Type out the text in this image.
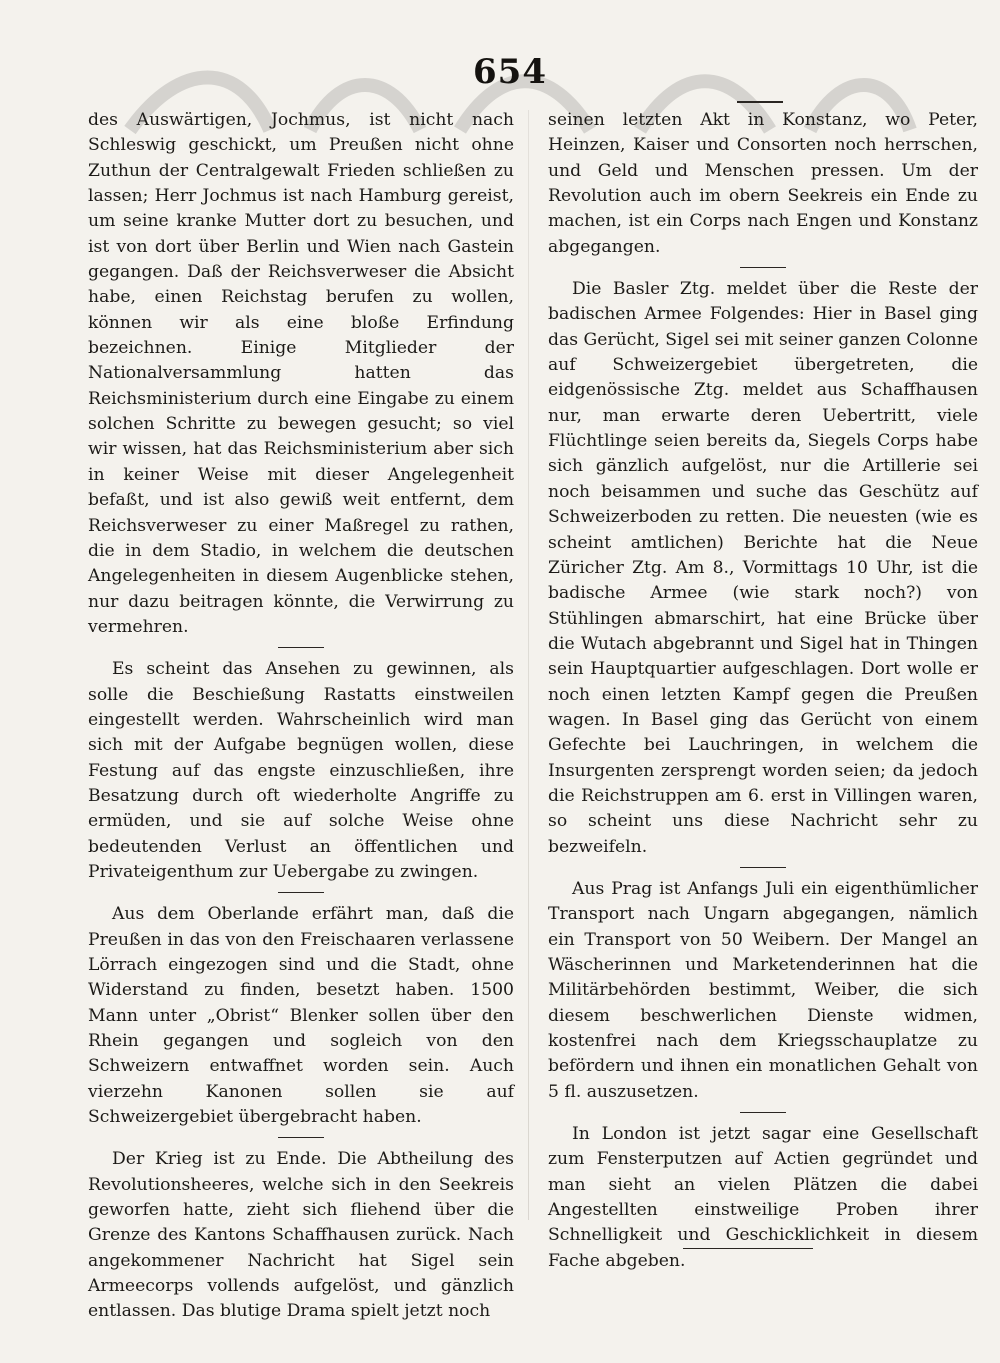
654

des Auswärtigen, Jochmus, ist nicht nach Schleswig geschickt, um Preußen nicht ohne Zuthun der Centralgewalt Frieden schließen zu lassen; Herr Jochmus ist nach Hamburg gereist, um seine kranke Mutter dort zu besuchen, und ist von dort über Berlin und Wien nach Gastein gegangen. Daß der Reichsverweser die Absicht habe, einen Reichstag berufen zu wollen, können wir als eine bloße Erfindung bezeichnen. Einige Mitglieder der Nationalversammlung hatten das Reichsministerium durch eine Eingabe zu einem solchen Schritte zu bewegen gesucht; so viel wir wissen, hat das Reichsministerium aber sich in keiner Weise mit dieser Angelegenheit befaßt, und ist also gewiß weit entfernt, dem Reichsverweser zu einer Maßregel zu rathen, die in dem Stadio, in welchem die deutschen Angelegenheiten in diesem Augenblicke stehen, nur dazu beitragen könnte, die Verwirrung zu vermehren.

Es scheint das Ansehen zu gewinnen, als solle die Beschießung Rastatts einstweilen eingestellt werden. Wahrscheinlich wird man sich mit der Aufgabe begnügen wollen, diese Festung auf das engste einzuschließen, ihre Besatzung durch oft wiederholte Angriffe zu ermüden, und sie auf solche Weise ohne bedeutenden Verlust an öffentlichen und Privateigenthum zur Uebergabe zu zwingen.

Aus dem Oberlande erfährt man, daß die Preußen in das von den Freischaaren verlassene Lörrach eingezogen sind und die Stadt, ohne Widerstand zu finden, besetzt haben. 1500 Mann unter „Obrist“ Blenker sollen über den Rhein gegangen und sogleich von den Schweizern entwaffnet worden sein. Auch vierzehn Kanonen sollen sie auf Schweizergebiet übergebracht haben.

Der Krieg ist zu Ende. Die Abtheilung des Revolutionsheeres, welche sich in den Seekreis geworfen hatte, zieht sich fliehend über die Grenze des Kantons Schaffhausen zurück. Nach angekommener Nachricht hat Sigel sein Armeecorps vollends aufgelöst, und gänzlich entlassen. Das blutige Drama spielt jetzt noch

seinen letzten Akt in Konstanz, wo Peter, Heinzen, Kaiser und Consorten noch herrschen, und Geld und Menschen pressen. Um der Revolution auch im obern Seekreis ein Ende zu machen, ist ein Corps nach Engen und Konstanz abgegangen.

Die Basler Ztg. meldet über die Reste der badischen Armee Folgendes: Hier in Basel ging das Gerücht, Sigel sei mit seiner ganzen Colonne auf Schweizergebiet übergetreten, die eidgenössische Ztg. meldet aus Schaffhausen nur, man erwarte deren Uebertritt, viele Flüchtlinge seien bereits da, Siegels Corps habe sich gänzlich aufgelöst, nur die Artillerie sei noch beisammen und suche das Geschütz auf Schweizerboden zu retten. Die neuesten (wie es scheint amtlichen) Berichte hat die Neue Züricher Ztg. Am 8., Vormittags 10 Uhr, ist die badische Armee (wie stark noch?) von Stühlingen abmarschirt, hat eine Brücke über die Wutach abgebrannt und Sigel hat in Thingen sein Hauptquartier aufgeschlagen. Dort wolle er noch einen letzten Kampf gegen die Preußen wagen. In Basel ging das Gerücht von einem Gefechte bei Lauchringen, in welchem die Insurgenten zersprengt worden seien; da jedoch die Reichstruppen am 6. erst in Villingen waren, so scheint uns diese Nachricht sehr zu bezweifeln.

Aus Prag ist Anfangs Juli ein eigenthümlicher Transport nach Ungarn abgegangen, nämlich ein Transport von 50 Weibern. Der Mangel an Wäscherinnen und Marketenderinnen hat die Militärbehörden bestimmt, Weiber, die sich diesem beschwerlichen Dienste widmen, kostenfrei nach dem Kriegsschauplatze zu befördern und ihnen ein monatlichen Gehalt von 5 fl. auszusetzen.

In London ist jetzt sagar eine Gesellschaft zum Fensterputzen auf Actien gegründet und man sieht an vielen Plätzen die dabei Angestellten einstweilige Proben ihrer Schnelligkeit und Geschicklichkeit in diesem Fache abgeben.
